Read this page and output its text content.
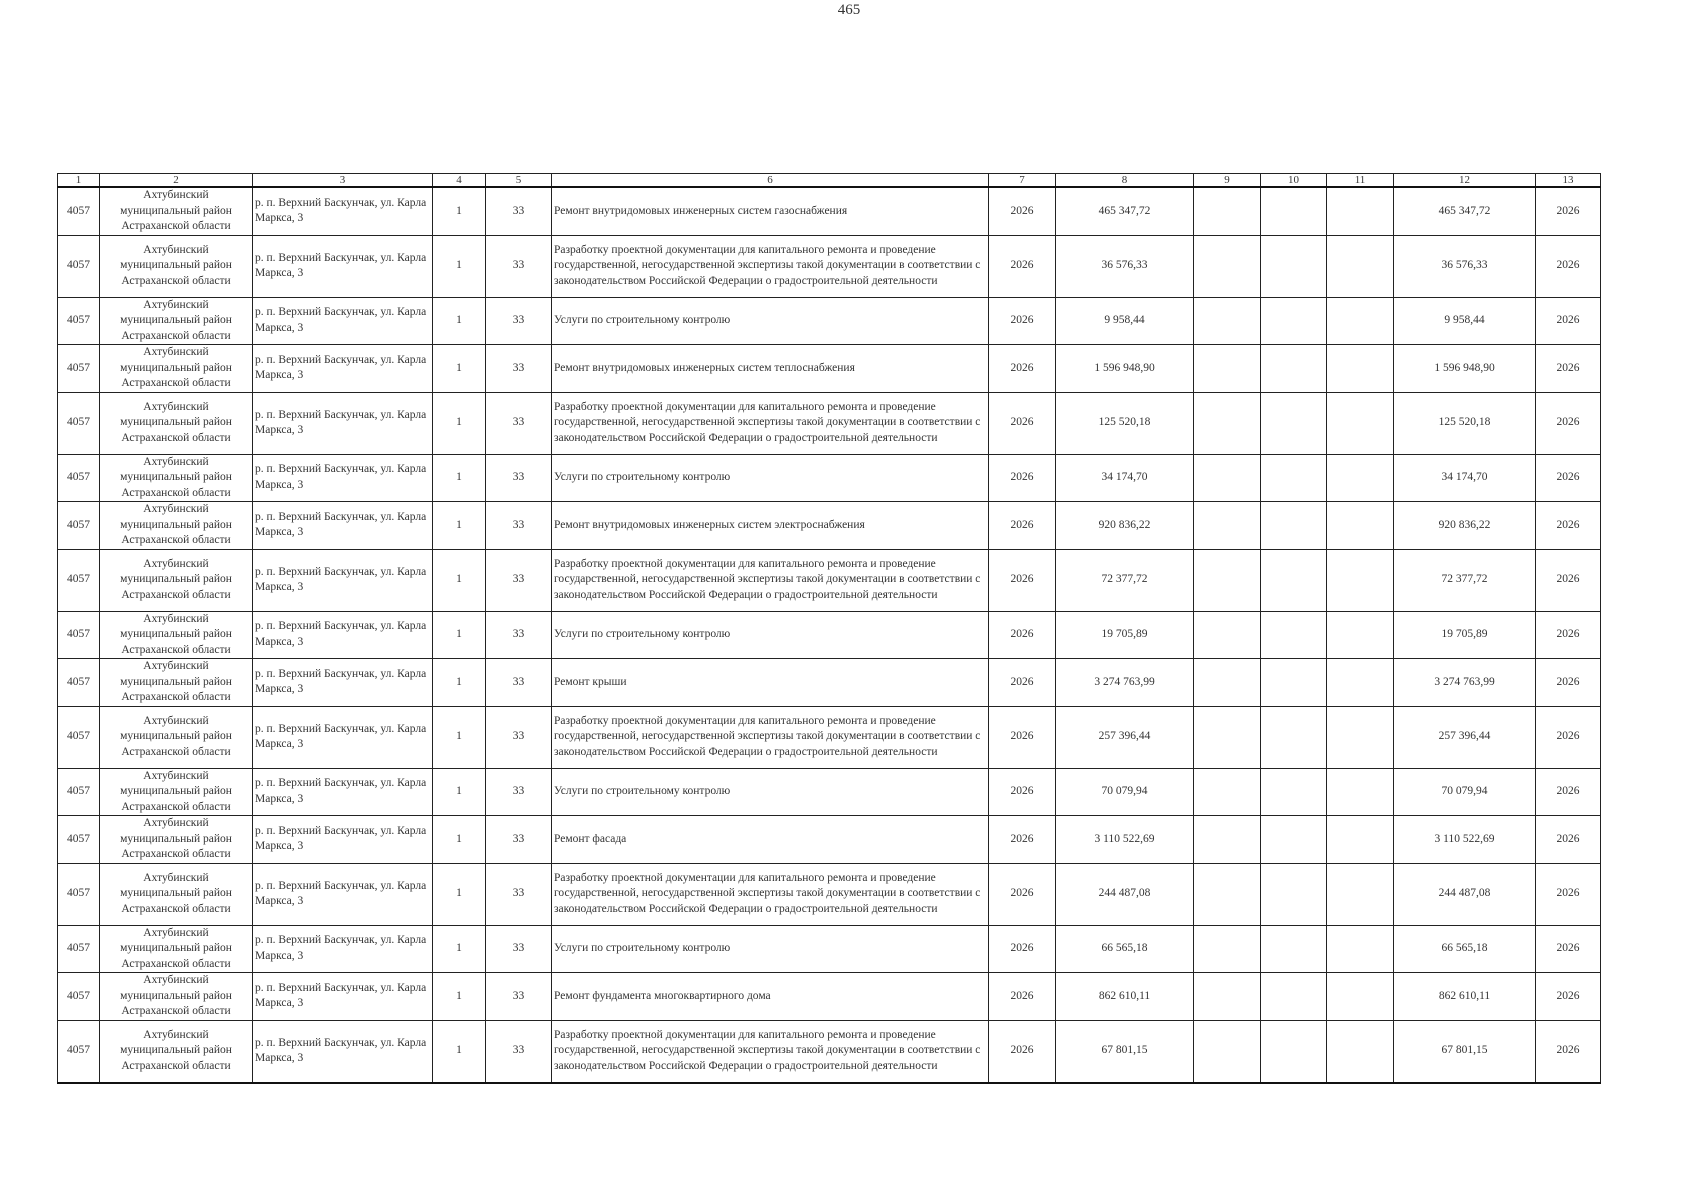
465
1	2	3	4	5	6	7	8	9	10	11	12	13
4057	Ахтубинский муниципальный район Астраханской области	р. п. Верхний Баскунчак, ул. Карла Маркса, 3	1	33	Ремонт внутридомовых инженерных систем газоснабжения	2026	465 347,72				465 347,72	2026
4057	Ахтубинский муниципальный район Астраханской области	р. п. Верхний Баскунчак, ул. Карла Маркса, 3	1	33	Разработку проектной документации для капитального ремонта и проведение государственной, негосударственной экспертизы такой документации в соответствии с законодательством Российской Федерации о градостроительной деятельности	2026	36 576,33				36 576,33	2026
4057	Ахтубинский муниципальный район Астраханской области	р. п. Верхний Баскунчак, ул. Карла Маркса, 3	1	33	Услуги по строительному контролю	2026	9 958,44				9 958,44	2026
4057	Ахтубинский муниципальный район Астраханской области	р. п. Верхний Баскунчак, ул. Карла Маркса, 3	1	33	Ремонт внутридомовых инженерных систем теплоснабжения	2026	1 596 948,90				1 596 948,90	2026
4057	Ахтубинский муниципальный район Астраханской области	р. п. Верхний Баскунчак, ул. Карла Маркса, 3	1	33	Разработку проектной документации для капитального ремонта и проведение государственной, негосударственной экспертизы такой документации в соответствии с законодательством Российской Федерации о градостроительной деятельности	2026	125 520,18				125 520,18	2026
4057	Ахтубинский муниципальный район Астраханской области	р. п. Верхний Баскунчак, ул. Карла Маркса, 3	1	33	Услуги по строительному контролю	2026	34 174,70				34 174,70	2026
4057	Ахтубинский муниципальный район Астраханской области	р. п. Верхний Баскунчак, ул. Карла Маркса, 3	1	33	Ремонт внутридомовых инженерных систем электроснабжения	2026	920 836,22				920 836,22	2026
4057	Ахтубинский муниципальный район Астраханской области	р. п. Верхний Баскунчак, ул. Карла Маркса, 3	1	33	Разработку проектной документации для капитального ремонта и проведение государственной, негосударственной экспертизы такой документации в соответствии с законодательством Российской Федерации о градостроительной деятельности	2026	72 377,72				72 377,72	2026
4057	Ахтубинский муниципальный район Астраханской области	р. п. Верхний Баскунчак, ул. Карла Маркса, 3	1	33	Услуги по строительному контролю	2026	19 705,89				19 705,89	2026
4057	Ахтубинский муниципальный район Астраханской области	р. п. Верхний Баскунчак, ул. Карла Маркса, 3	1	33	Ремонт крыши	2026	3 274 763,99				3 274 763,99	2026
4057	Ахтубинский муниципальный район Астраханской области	р. п. Верхний Баскунчак, ул. Карла Маркса, 3	1	33	Разработку проектной документации для капитального ремонта и проведение государственной, негосударственной экспертизы такой документации в соответствии с законодательством Российской Федерации о градостроительной деятельности	2026	257 396,44				257 396,44	2026
4057	Ахтубинский муниципальный район Астраханской области	р. п. Верхний Баскунчак, ул. Карла Маркса, 3	1	33	Услуги по строительному контролю	2026	70 079,94				70 079,94	2026
4057	Ахтубинский муниципальный район Астраханской области	р. п. Верхний Баскунчак, ул. Карла Маркса, 3	1	33	Ремонт фасада	2026	3 110 522,69				3 110 522,69	2026
4057	Ахтубинский муниципальный район Астраханской области	р. п. Верхний Баскунчак, ул. Карла Маркса, 3	1	33	Разработку проектной документации для капитального ремонта и проведение государственной, негосударственной экспертизы такой документации в соответствии с законодательством Российской Федерации о градостроительной деятельности	2026	244 487,08				244 487,08	2026
4057	Ахтубинский муниципальный район Астраханской области	р. п. Верхний Баскунчак, ул. Карла Маркса, 3	1	33	Услуги по строительному контролю	2026	66 565,18				66 565,18	2026
4057	Ахтубинский муниципальный район Астраханской области	р. п. Верхний Баскунчак, ул. Карла Маркса, 3	1	33	Ремонт фундамента многоквартирного дома	2026	862 610,11				862 610,11	2026
4057	Ахтубинский муниципальный район Астраханской области	р. п. Верхний Баскунчак, ул. Карла Маркса, 3	1	33	Разработку проектной документации для капитального ремонта и проведение государственной, негосударственной экспертизы такой документации в соответствии с законодательством Российской Федерации о градостроительной деятельности	2026	67 801,15				67 801,15	2026
